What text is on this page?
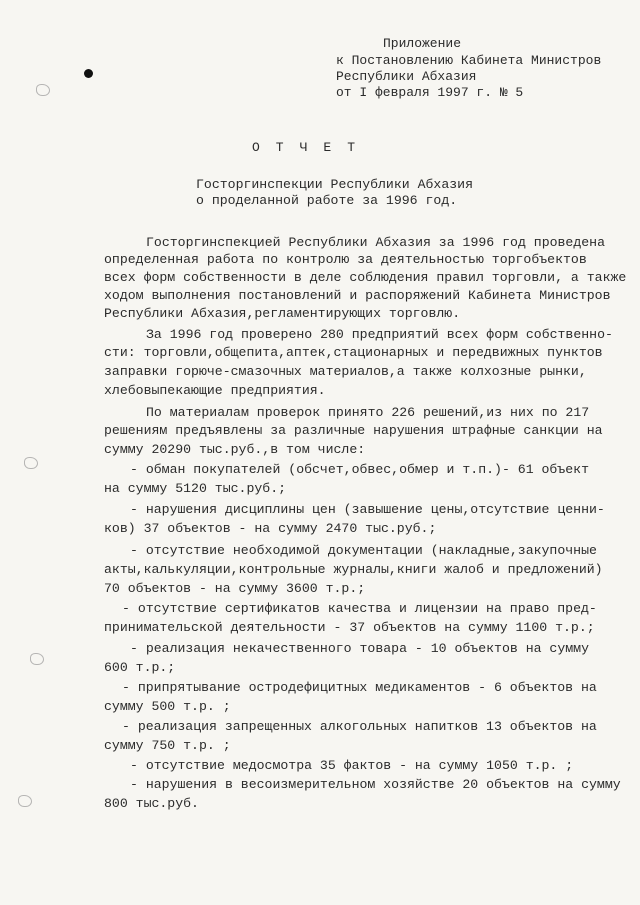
Приложение
к Постановлению Кабинета Министров
Республики Абхазия
от I февраля 1997 г. № 5
ОТЧЕТ
Госторгинспекции Республики Абхазия
о проделанной работе за 1996 год.
Госторгинспекцией Республики Абхазия за 1996 год проведена
определенная работа по контролю за деятельностью торгобъектов
всех форм собственности в деле соблюдения правил торговли, а также
ходом выполнения постановлений и распоряжений Кабинета Министров
Республики Абхазия,регламентирующих торговлю.
За 1996 год проверено 280 предприятий всех форм собственно-
сти: торговли,общепита,аптек,стационарных и передвижных пунктов
заправки горюче-смазочных материалов,а также колхозные рынки,
хлебовыпекающие предприятия.
По материалам проверок принято 226 решений,из них по 217
решениям предъявлены за различные нарушения штрафные санкции на
сумму 20290 тыс.руб.,в том числе:
- обман покупателей (обсчет,обвес,обмер и т.п.)- 61 объект
на сумму 5120 тыс.руб.;
- нарушения дисциплины цен (завышение цены,отсутствие ценни-
ков) 37 объектов - на сумму 2470 тыс.руб.;
- отсутствие необходимой документации (накладные,закупочные
акты,калькуляции,контрольные журналы,книги жалоб и предложений)
70 объектов - на сумму 3600 т.р.;
- отсутствие сертификатов качества и лицензии на право пред-
принимательской деятельности - 37 объектов на сумму 1100 т.р.;
- реализация некачественного товара - 10 объектов на сумму
600 т.р.;
- припрятывание остродефицитных медикаментов - 6 объектов на
сумму 500 т.р. ;
- реализация запрещенных алкогольных напитков 13 объектов на
сумму 750 т.р. ;
- отсутствие медосмотра 35 фактов - на сумму 1050 т.р. ;
- нарушения в весоизмерительном хозяйстве 20 объектов на сумму
800 тыс.руб.
